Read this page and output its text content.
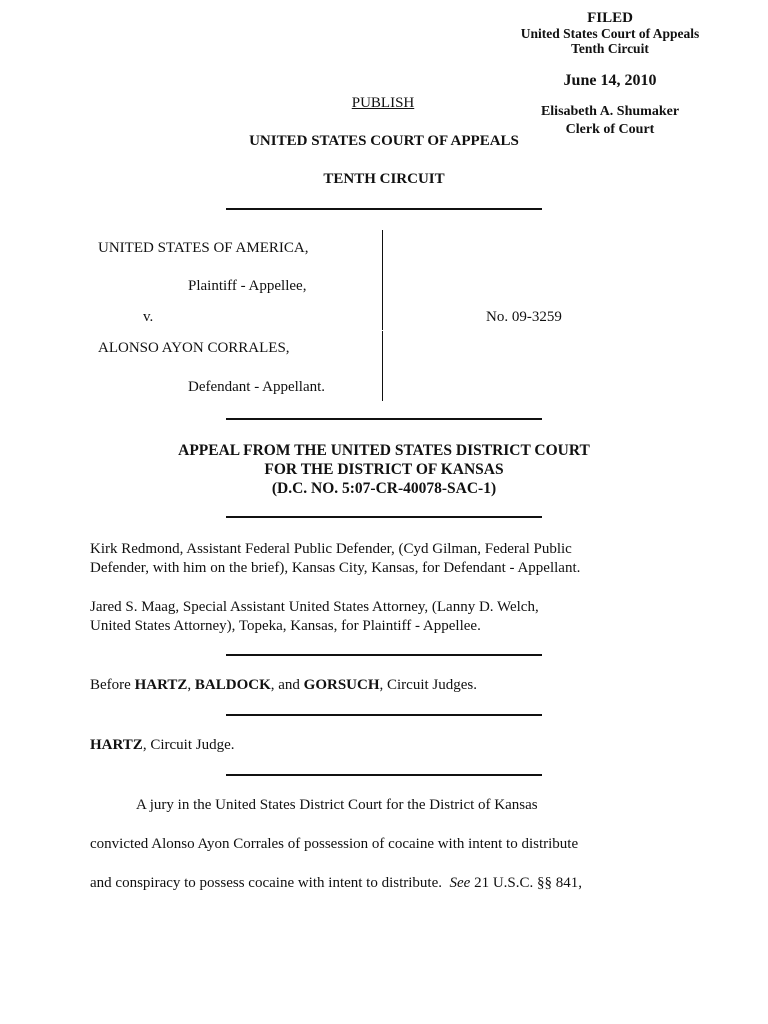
FILED
United States Court of Appeals
Tenth Circuit
June 14, 2010
Elisabeth A. Shumaker
Clerk of Court
PUBLISH
UNITED STATES COURT OF APPEALS
TENTH CIRCUIT
UNITED STATES OF AMERICA,
Plaintiff - Appellee,
v.
ALONSO AYON CORRALES,
Defendant - Appellant.
No. 09-3259
APPEAL FROM THE UNITED STATES DISTRICT COURT
FOR THE DISTRICT OF KANSAS
(D.C. NO. 5:07-CR-40078-SAC-1)
Kirk Redmond, Assistant Federal Public Defender, (Cyd Gilman, Federal Public
Defender, with him on the brief), Kansas City, Kansas, for Defendant - Appellant.
Jared S. Maag, Special Assistant United States Attorney, (Lanny D. Welch,
United States Attorney), Topeka, Kansas, for Plaintiff - Appellee.
Before HARTZ, BALDOCK, and GORSUCH, Circuit Judges.
HARTZ, Circuit Judge.
A jury in the United States District Court for the District of Kansas
convicted Alonso Ayon Corrales of possession of cocaine with intent to distribute
and conspiracy to possess cocaine with intent to distribute.  See 21 U.S.C. §§ 841,
